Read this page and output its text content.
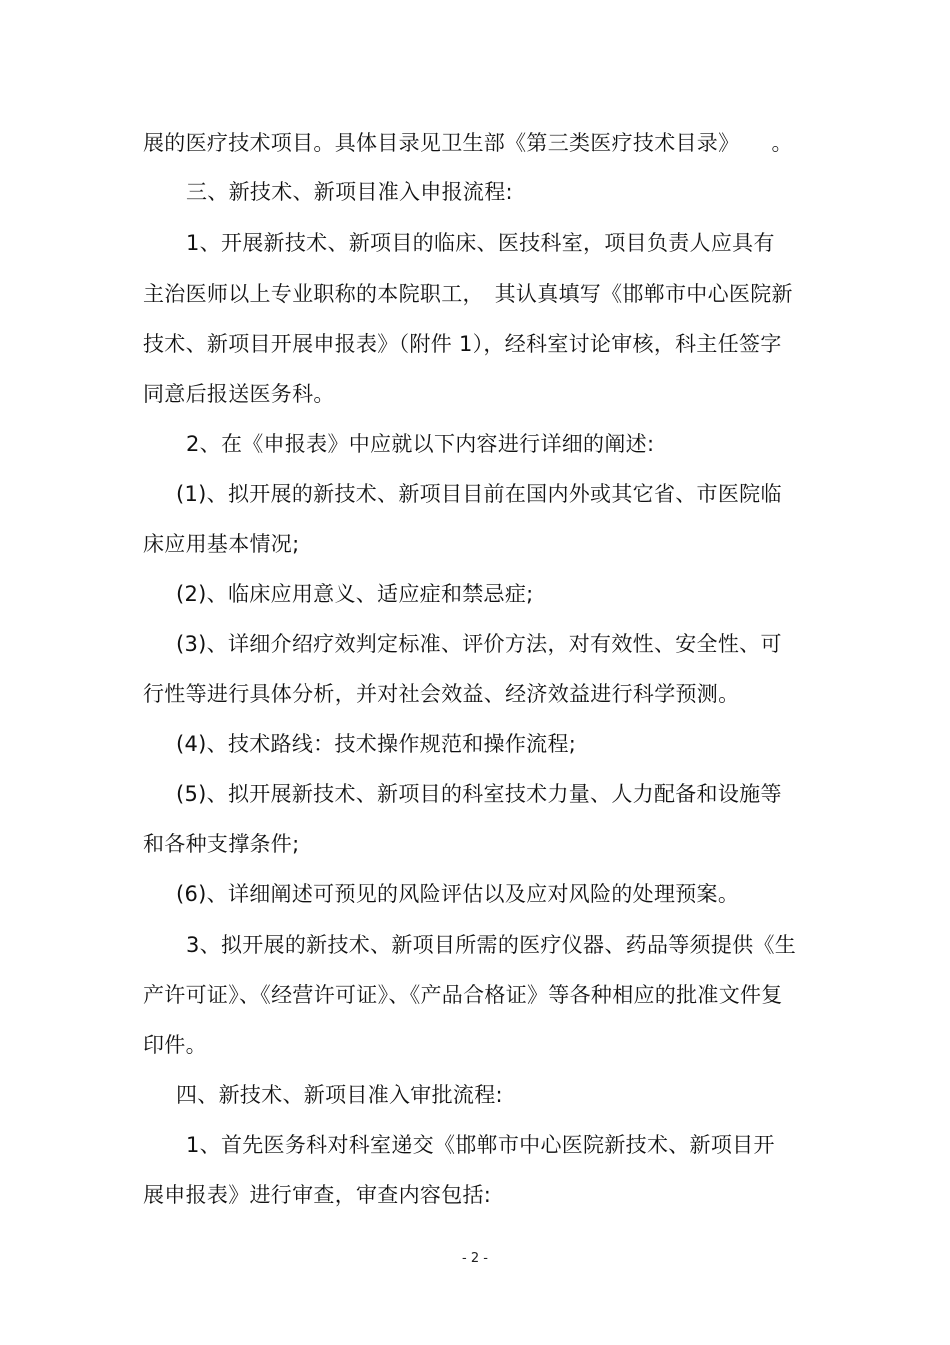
展的医疗技术项目。具体目录见卫生部《第三类医疗技术目录》　　。
三、新技术、新项目准入申报流程:
1、开展新技术、新项目的临床、医技科室，项目负责人应具有
主治医师以上专业职称的本院职工，　其认真填写《邯郸市中心医院新
技术、新项目开展申报表》（附件 1），经科室讨论审核，科主任签字
同意后报送医务科。
2、在《申报表》中应就以下内容进行详细的阐述:
(1)、拟开展的新技术、新项目目前在国内外或其它省、市医院临
床应用基本情况;
(2)、临床应用意义、适应症和禁忌症;
(3)、详细介绍疗效判定标准、评价方法，对有效性、安全性、可
行性等进行具体分析，并对社会效益、经济效益进行科学预测。
(4)、技术路线：技术操作规范和操作流程;
(5)、拟开展新技术、新项目的科室技术力量、人力配备和设施等
和各种支撑条件;
(6)、详细阐述可预见的风险评估以及应对风险的处理预案。
3、拟开展的新技术、新项目所需的医疗仪器、药品等须提供《生
产许可证》、《经营许可证》、《产品合格证》等各种相应的批准文件复
印件。
四、新技术、新项目准入审批流程:
1、首先医务科对科室递交《邯郸市中心医院新技术、新项目开
展申报表》进行审查，审查内容包括:
- 2 -
